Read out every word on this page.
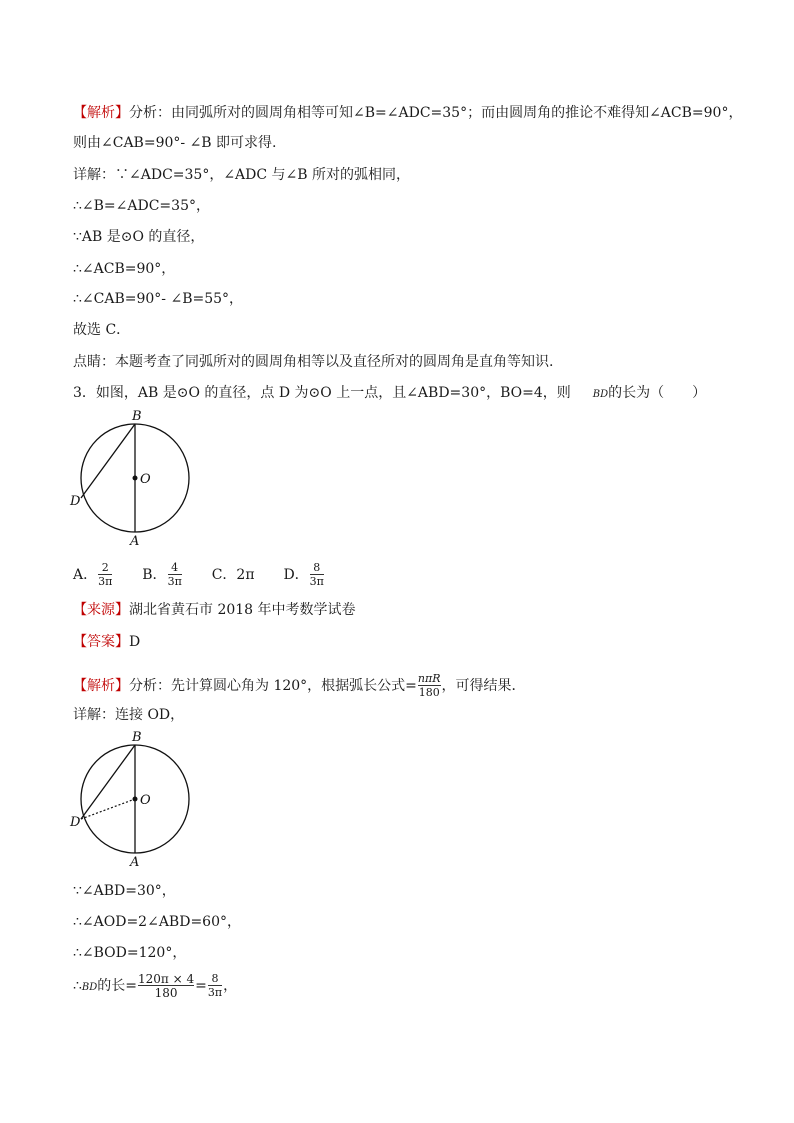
【解析】分析：由同弧所对的圆周角相等可知∠B=∠ADC=35°；而由圆周角的推论不难得知∠ACB=90°，
则由∠CAB=90°- ∠B 即可求得.
详解：∵∠ADC=35°，∠ADC 与∠B 所对的弧相同，
∴∠B=∠ADC=35°，
∵AB 是⊙O 的直径，
∴∠ACB=90°，
∴∠CAB=90°- ∠B=55°，
故选 C．
点睛：本题考查了同弧所对的圆周角相等以及直径所对的圆周角是直角等知识.
3．如图，AB 是⊙O 的直径，点 D 为⊙O 上一点，且∠ABD=30°，BO=4，则 BD的长为（　　）
B
O
D
A
A． $\frac{2}{3\pi}$ B． $\frac{4}{3\pi}$ C．2π D． $\frac{8}{3\pi}$
【来源】湖北省黄石市 2018 年中考数学试卷
【答案】D
【解析】分析：先计算圆心角为 120°，根据弧长公式= $\frac{\text{nπR}}{180}$ ，可得结果．
详解：连接 OD，
B
O
D
A
∵∠ABD=30°，
∴∠AOD=2∠ABD=60°，
∴∠BOD=120°，
∴BD的长= $\frac{120\pi \times 4}{180} = \frac{8}{3\pi}$ ，
